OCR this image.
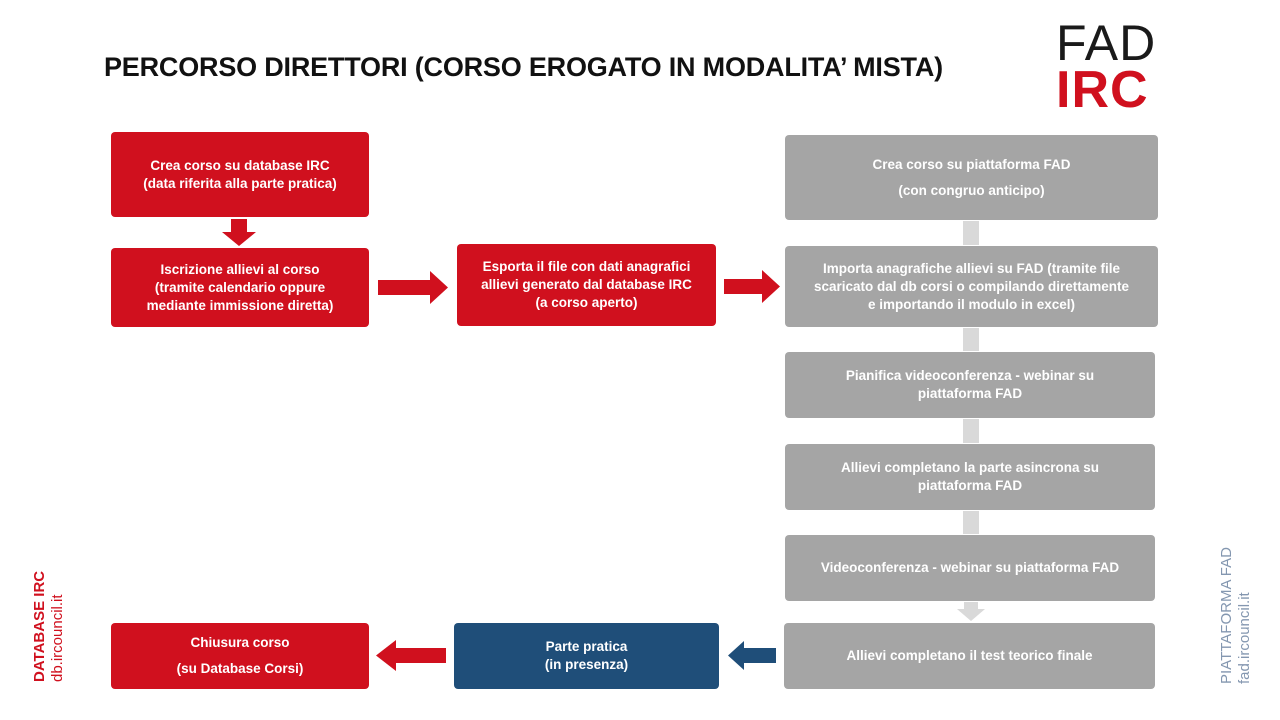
PERCORSO DIRETTORI (CORSO EROGATO IN MODALITA’ MISTA) FAD
IRC
Crea corso su database IRC
(data riferita alla parte pratica)
Iscrizione allievi al corso
(tramite calendario oppure
mediante immissione diretta)
Esporta il file con dati anagrafici
allievi generato dal database IRC
(a corso aperto)
Crea corso su piattaforma FAD
(con congruo anticipo)
Importa anagrafiche allievi su FAD (tramite file
scaricato dal db corsi o compilando direttamente
e importando il modulo in excel)
Pianifica videoconferenza - webinar su
piattaforma FAD
Allievi completano la parte asincrona su
piattaforma FAD
Videoconferenza - webinar su piattaforma FAD
Allievi completano il test teorico finale
Parte pratica
(in presenza)
Chiusura corso
(su Database Corsi)
DATABASE IRC db.ircouncil.it	PIATTAFORMA FAD fad.ircouncil.it
